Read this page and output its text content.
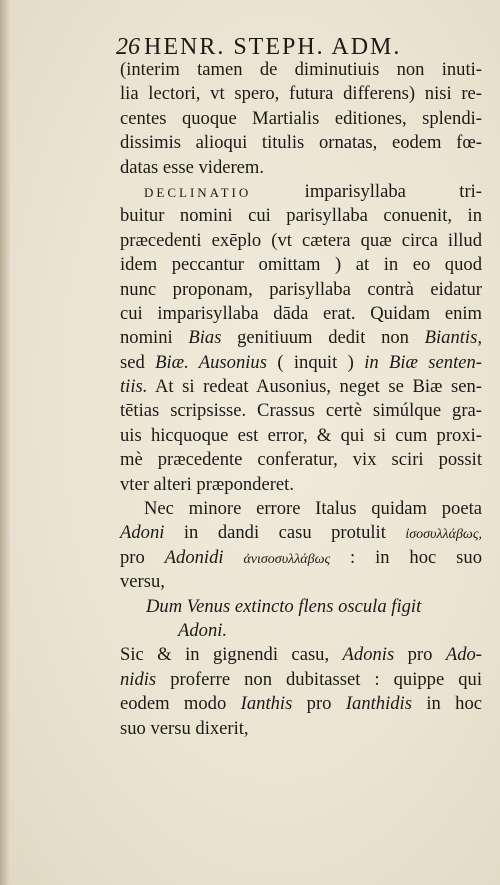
26 HENR. STEPH. ADM.
(interim tamen de diminutiuis non inuti-
lia lectori, vt spero, futura differens) nisi re-
centes quoque Martialis editiones, splendi-
dissimis alioqui titulis ornatas, eodem fœ-
datas esse viderem.
DECLINATIO imparisyllaba tri-
buitur nomini cui parisyllaba conuenit, in
præcedenti exēplo (vt cætera quæ circa illud
idem peccantur omittam ) at in eo quod
nunc proponam, parisyllaba contrà eidatur
cui imparisyllaba dāda erat. Quidam enim
nomini Bias genitiuum dedit non Biantis,
sed Biæ. Ausonius ( inquit ) in Biæ senten-
tiis. At si redeat Ausonius, neget se Biæ sen-
tētias scripsisse. Crassus certè simúlque gra-
uis hicquoque est error, & qui si cum proxi-
mè præcedente conferatur, vix sciri possit
vter alteri præponderet.
Nec minore errore Italus quidam poeta
Adoni in dandi casu protulit ἰσοσυλλάβως,
pro Adonidi ἀνισοσυλλάβως : in hoc suo
versu,
Dum Venus extincto flens oscula figit
Adoni.
Sic & in gignendi casu, Adonis pro Ado-
nidis proferre non dubitasset : quippe qui
eodem modo Ianthis pro Ianthidis in hoc
suo versu dixerit,
